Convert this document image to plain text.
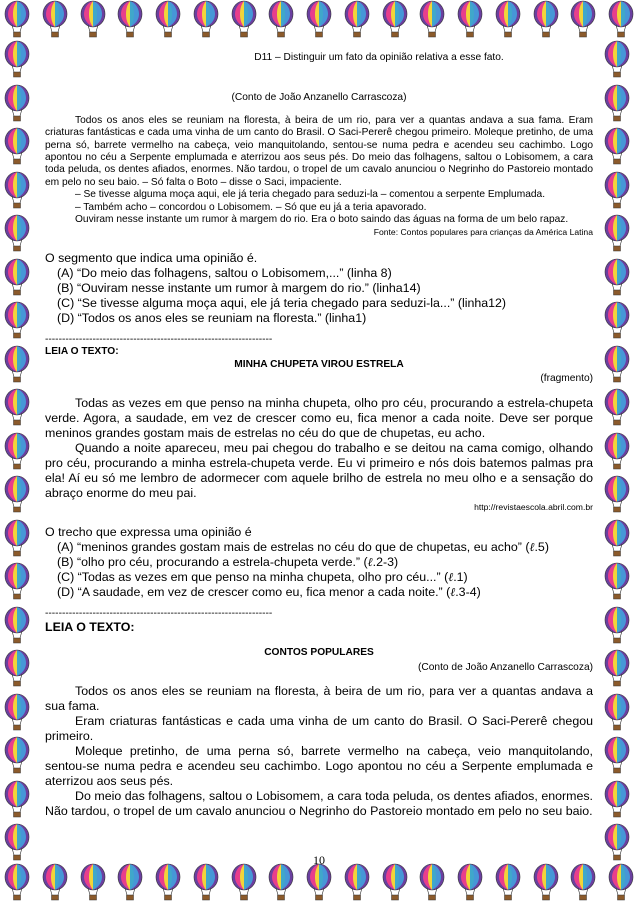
D11 – Distinguir um fato da opinião relativa a esse fato.
(Conto de João Anzanello Carrascoza)
Todos os anos eles se reuniam na floresta, à beira de um rio, para ver a quantas andava a sua fama. Eram criaturas fantásticas e cada uma vinha de um canto do Brasil. O Saci-Pererê chegou primeiro. Moleque pretinho, de uma perna só, barrete vermelho na cabeça, veio manquitolando, sentou-se numa pedra e acendeu seu cachimbo. Logo apontou no céu a Serpente emplumada e aterrizou aos seus pés. Do meio das folhagens, saltou o Lobisomem, a cara toda peluda, os dentes afiados, enormes. Não tardou, o tropel de um cavalo anunciou o Negrinho do Pastoreio montado em pelo no seu baio. – Só falta o Boto – disse o Saci, impaciente.
– Se tivesse alguma moça aqui, ele já teria chegado para seduzi-la – comentou a serpente Emplumada.
– Também acho – concordou o Lobisomem. – Só que eu já a teria apavorado.
Ouviram nesse instante um rumor à margem do rio. Era o boto saindo das águas na forma de um belo rapaz.
Fonte: Contos populares para crianças da América Latina
O segmento que indica uma opinião é.
(A) “Do meio das folhagens, saltou o Lobisomem,...” (linha 8)
(B) “Ouviram nesse instante um rumor à margem do rio.” (linha14)
(C) “Se tivesse alguma moça aqui, ele já teria chegado para seduzi-la...” (linha12)
(D) “Todos os anos eles se reuniam na floresta.” (linha1)
-------------------------------------------------------------------
LEIA O TEXTO:
MINHA CHUPETA VIROU ESTRELA
(fragmento)
Todas as vezes em que penso na minha chupeta, olho pro céu, procurando a estrela-chupeta verde. Agora, a saudade, em vez de crescer como eu, fica menor a cada noite. Deve ser porque meninos grandes gostam mais de estrelas no céu do que de chupetas, eu acho.
Quando a noite apareceu, meu pai chegou do trabalho e se deitou na cama comigo, olhando pro céu, procurando a minha estrela-chupeta verde. Eu vi primeiro e nós dois batemos palmas pra ela! Aí eu só me lembro de adormecer com aquele brilho de estrela no meu olho e a sensação do abraço enorme do meu pai.
http://revistaescola.abril.com.br
O trecho que expressa uma opinião é
(A) “meninos grandes gostam mais de estrelas no céu do que de chupetas, eu acho” (ℓ.5)
(B) “olho pro céu, procurando a estrela-chupeta verde.” (ℓ.2-3)
(C) “Todas as vezes em que penso na minha chupeta, olho pro céu...” (ℓ.1)
(D) “A saudade, em vez de crescer como eu, fica menor a cada noite.” (ℓ.3-4)
-------------------------------------------------------------------
LEIA O TEXTO:
CONTOS POPULARES
(Conto de João Anzanello Carrascoza)
Todos os anos eles se reuniam na floresta, à beira de um rio, para ver a quantas andava a sua fama.
Eram criaturas fantásticas e cada uma vinha de um canto do Brasil. O Saci-Pererê chegou primeiro.
Moleque pretinho, de uma perna só, barrete vermelho na cabeça, veio manquitolando, sentou-se numa pedra e acendeu seu cachimbo. Logo apontou no céu a Serpente emplumada e aterrizou aos seus pés.
Do meio das folhagens, saltou o Lobisomem, a cara toda peluda, os dentes afiados, enormes. Não tardou, o tropel de um cavalo anunciou o Negrinho do Pastoreio montado em pelo no seu baio.
10
